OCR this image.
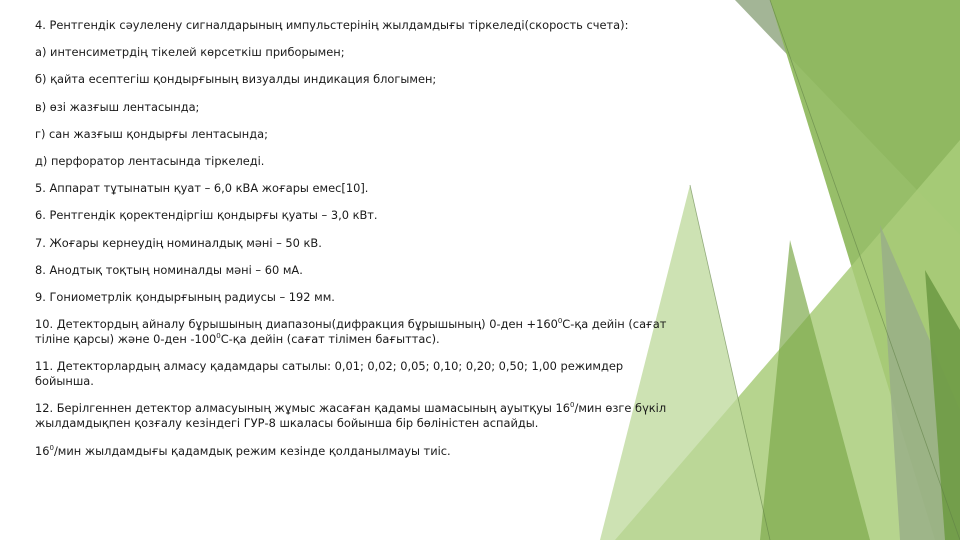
4. Рентгендік сәулелену сигналдарының импульстерінің жылдамдығы тіркеледі(скорость счета):

а) интенсиметрдің тікелей көрсеткіш приборымен;

б) қайта есептегіш қондырғының визуалды индикация блогымен;

в) өзі жазғыш лентасында;

г) сан жазғыш қондырғы лентасында;

д) перфоратор лентасында тіркеледі.

5. Аппарат тұтынатын қуат – 6,0 кВА жоғары емес[10].

6. Рентгендік қоректендіргіш қондырғы қуаты – 3,0 кВт.

7. Жоғары кернеудің номиналдық мәні – 50 кВ.

8. Анодтық тоқтың номиналды мәні – 60 мА.

9. Гониометрлік қондырғының радиусы – 192 мм.

10. Детектордың айналу бұрышының диапазоны(дифракция бұрышының) $0-ден +160^0С-қа$ дейін (сағат тіліне қарсы) және 0-ден $-100^0С-қа$ дейін (сағат тілімен бағыттас).

11. Детекторлардың алмасу қадамдары сатылы: 0,01; 0,02; 0,05; 0,10; 0,20; 0,50; 1,00 режимдер бойынша.

12. Берілгеннен детектор алмасуының жұмыс жасаған қадамы шамасының ауытқуы $16^0$/мин өзге бүкіл жылдамдықпен қозғалу кезіндегі ГУР-8 шкаласы бойынша бір бөліністен аспайды.

$16^0$/мин жылдамдығы қадамдық режим кезінде қолданылмауы тиіс.
